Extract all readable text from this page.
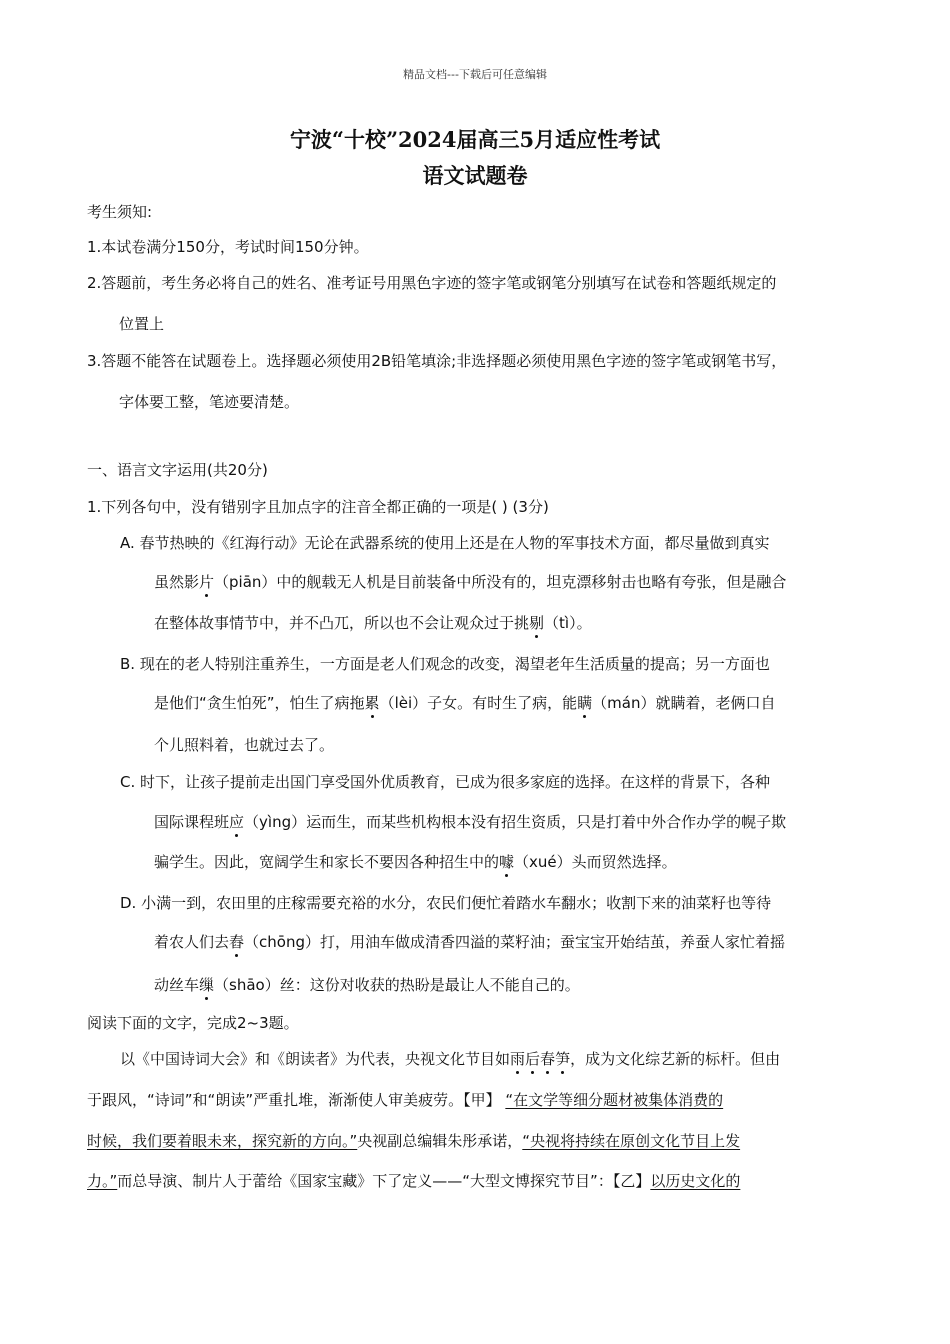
精品文档---下载后可任意编辑
宁波“十校”2024届高三5月适应性考试
语文试题卷
考生须知:
1.本试卷满分150分，考试时间150分钟。
2.答题前，考生务必将自己的姓名、准考证号用黑色字迹的签字笔或钢笔分别填写在试卷和答题纸规定的
位置上
3.答题不能答在试题卷上。选择题必须使用2B铅笔填涂;非选择题必须使用黑色字迹的签字笔或钢笔书写，
字体要工整，笔迹要清楚。
一、语言文字运用(共20分)
1.下列各句中，没有错别字且加点字的注音全都正确的一项是( ) (3分)
A. 春节热映的《红海行动》无论在武器系统的使用上还是在人物的军事技术方面，都尽量做到真实
虽然影片（piān）中的舰载无人机是目前装备中所没有的，坦克漂移射击也略有夸张，但是融合
在整体故事情节中，并不凸兀，所以也不会让观众过于挑剔（tì）。
B. 现在的老人特别注重养生，一方面是老人们观念的改变，渴望老年生活质量的提高；另一方面也
是他们“贪生怕死”，怕生了病拖累（lèi）子女。有时生了病，能瞒（mán）就瞒着，老俩口自
个儿照料着，也就过去了。
C. 时下，让孩子提前走出国门享受国外优质教育，已成为很多家庭的选择。在这样的背景下，各种
国际课程班应（yìng）运而生，而某些机构根本没有招生资质，只是打着中外合作办学的幌子欺
骗学生。因此，宽阔学生和家长不要因各种招生中的噱（xué）头而贸然选择。
D. 小满一到，农田里的庄稼需要充裕的水分，农民们便忙着踏水车翻水；收割下来的油菜籽也等待
着农人们去舂（chōng）打，用油车做成清香四溢的菜籽油；蚕宝宝开始结茧，养蚕人家忙着摇
动丝车缫（shāo）丝：这份对收获的热盼是最让人不能自己的。
阅读下面的文字，完成2~3题。
以《中国诗词大会》和《朗读者》为代表，央视文化节目如雨后春笋，成为文化综艺新的标杆。但由
于跟风，“诗词”和“朗读”严重扎堆，渐渐使人审美疲劳。【甲】 “在文学等细分题材被集体消费的
时候，我们要着眼未来，探究新的方向。”央视副总编辑朱彤承诺，“央视将持续在原创文化节目上发
力。”而总导演、制片人于蕾给《国家宝藏》下了定义——“大型文博探究节目”：【乙】以历史文化的
